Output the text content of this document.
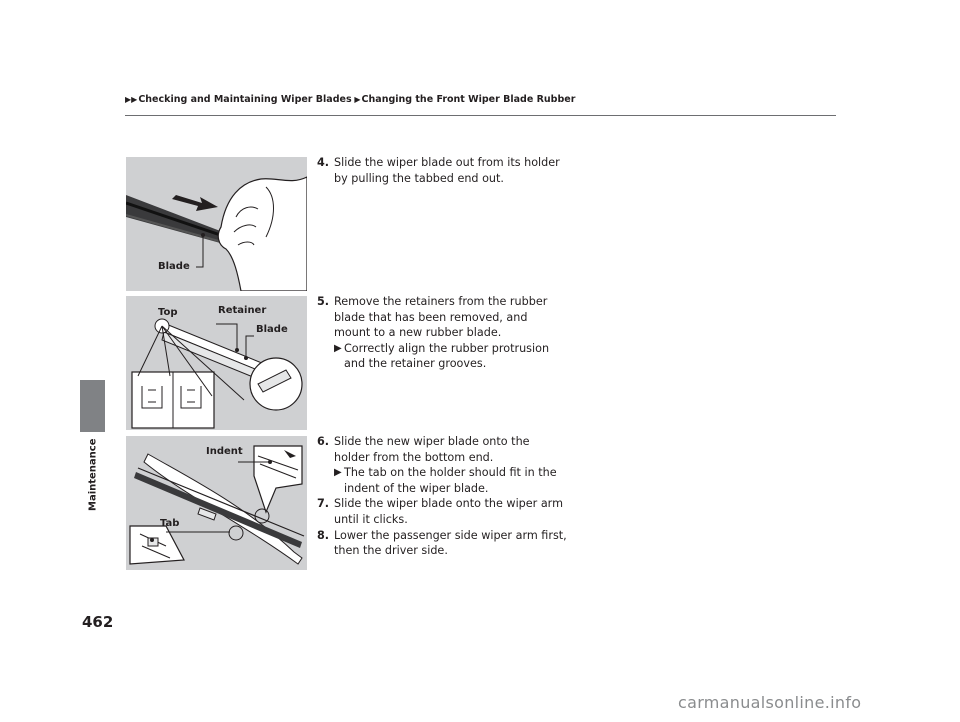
▶▶Checking and Maintaining Wiper Blades ▶Changing the Front Wiper Blade Rubber
Maintenance
462
Blade
Top	Retainer
Blade
Indent
Tab
4. Slide the wiper blade out from its holder by pulling the tabbed end out.
5. Remove the retainers from the rubber blade that has been removed, and mount to a new rubber blade.
▶ Correctly align the rubber protrusion and the retainer grooves.
6. Slide the new wiper blade onto the holder from the bottom end.
▶ The tab on the holder should fit in the indent of the wiper blade.
7. Slide the wiper blade onto the wiper arm until it clicks.
8. Lower the passenger side wiper arm first, then the driver side.
carmanualsonline.info
